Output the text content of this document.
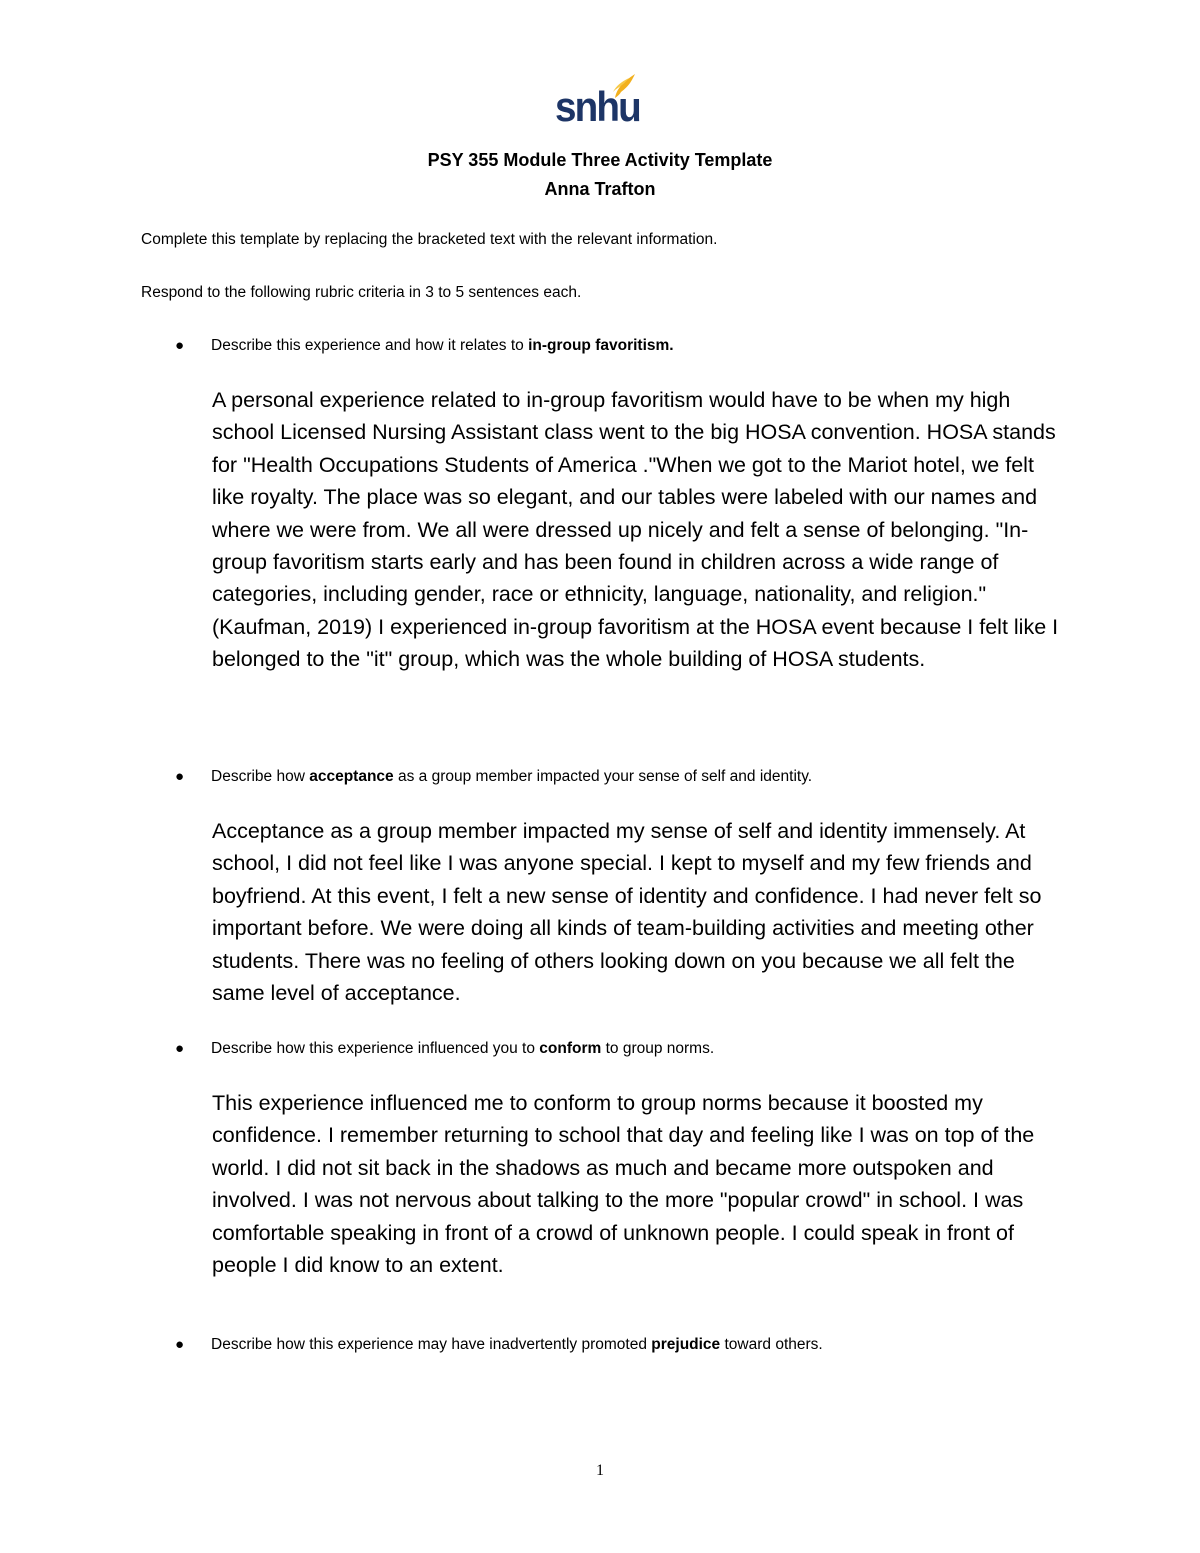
snhu
PSY 355 Module Three Activity Template
Anna Trafton
Complete this template by replacing the bracketed text with the relevant information.
Respond to the following rubric criteria in 3 to 5 sentences each.
● Describe this experience and how it relates to in-group favoritism.
A personal experience related to in-group favoritism would have to be when my high school Licensed Nursing Assistant class went to the big HOSA convention. HOSA stands for "Health Occupations Students of America ."When we got to the Mariot hotel, we felt like royalty. The place was so elegant, and our tables were labeled with our names and where we were from. We all were dressed up nicely and felt a sense of belonging. "In-group favoritism starts early and has been found in children across a wide range of categories, including gender, race or ethnicity, language, nationality, and religion." (Kaufman, 2019) I experienced in-group favoritism at the HOSA event because I felt like I belonged to the "it" group, which was the whole building of HOSA students.
● Describe how acceptance as a group member impacted your sense of self and identity.
Acceptance as a group member impacted my sense of self and identity immensely. At school, I did not feel like I was anyone special. I kept to myself and my few friends and boyfriend. At this event, I felt a new sense of identity and confidence. I had never felt so important before. We were doing all kinds of team-building activities and meeting other students. There was no feeling of others looking down on you because we all felt the same level of acceptance.
● Describe how this experience influenced you to conform to group norms.
This experience influenced me to conform to group norms because it boosted my confidence. I remember returning to school that day and feeling like I was on top of the world. I did not sit back in the shadows as much and became more outspoken and involved. I was not nervous about talking to the more "popular crowd" in school. I was comfortable speaking in front of a crowd of unknown people. I could speak in front of people I did know to an extent.
● Describe how this experience may have inadvertently promoted prejudice toward others.
1
